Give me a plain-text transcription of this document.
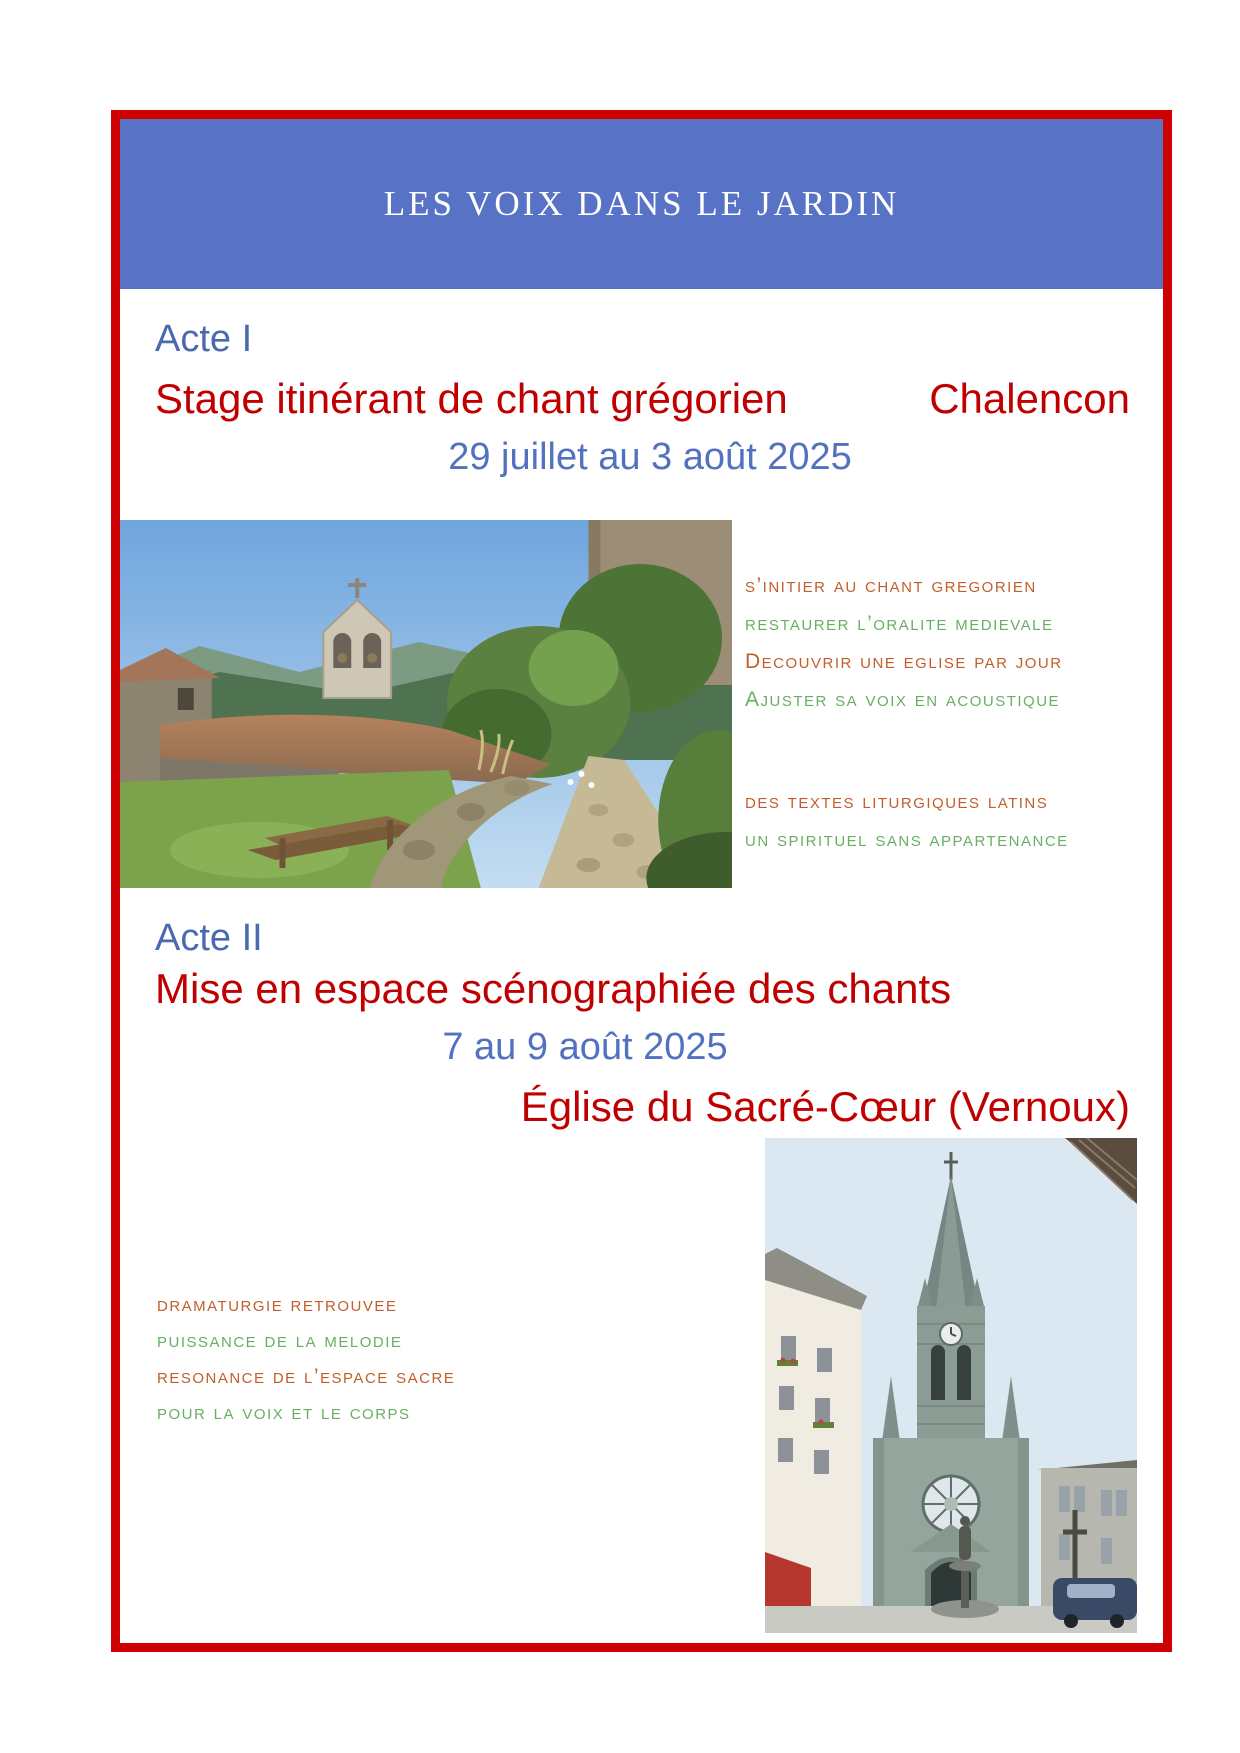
LES VOIX DANS LE JARDIN
Acte I
Stage itinérant de chant grégorien	Chalencon
29 juillet au 3 août 2025
s’initier au chant gregorien
restaurer l’oralite medievale
Decouvrir une eglise par jour
Ajuster sa voix en acoustique
des textes liturgiques latins
un spirituel sans appartenance
Acte II
Mise en espace scénographiée des chants
7 au 9 août 2025
Église du Sacré-Cœur (Vernoux)
dramaturgie retrouvee
puissance de la melodie
resonance de l’espace sacre
pour la voix et le corps
